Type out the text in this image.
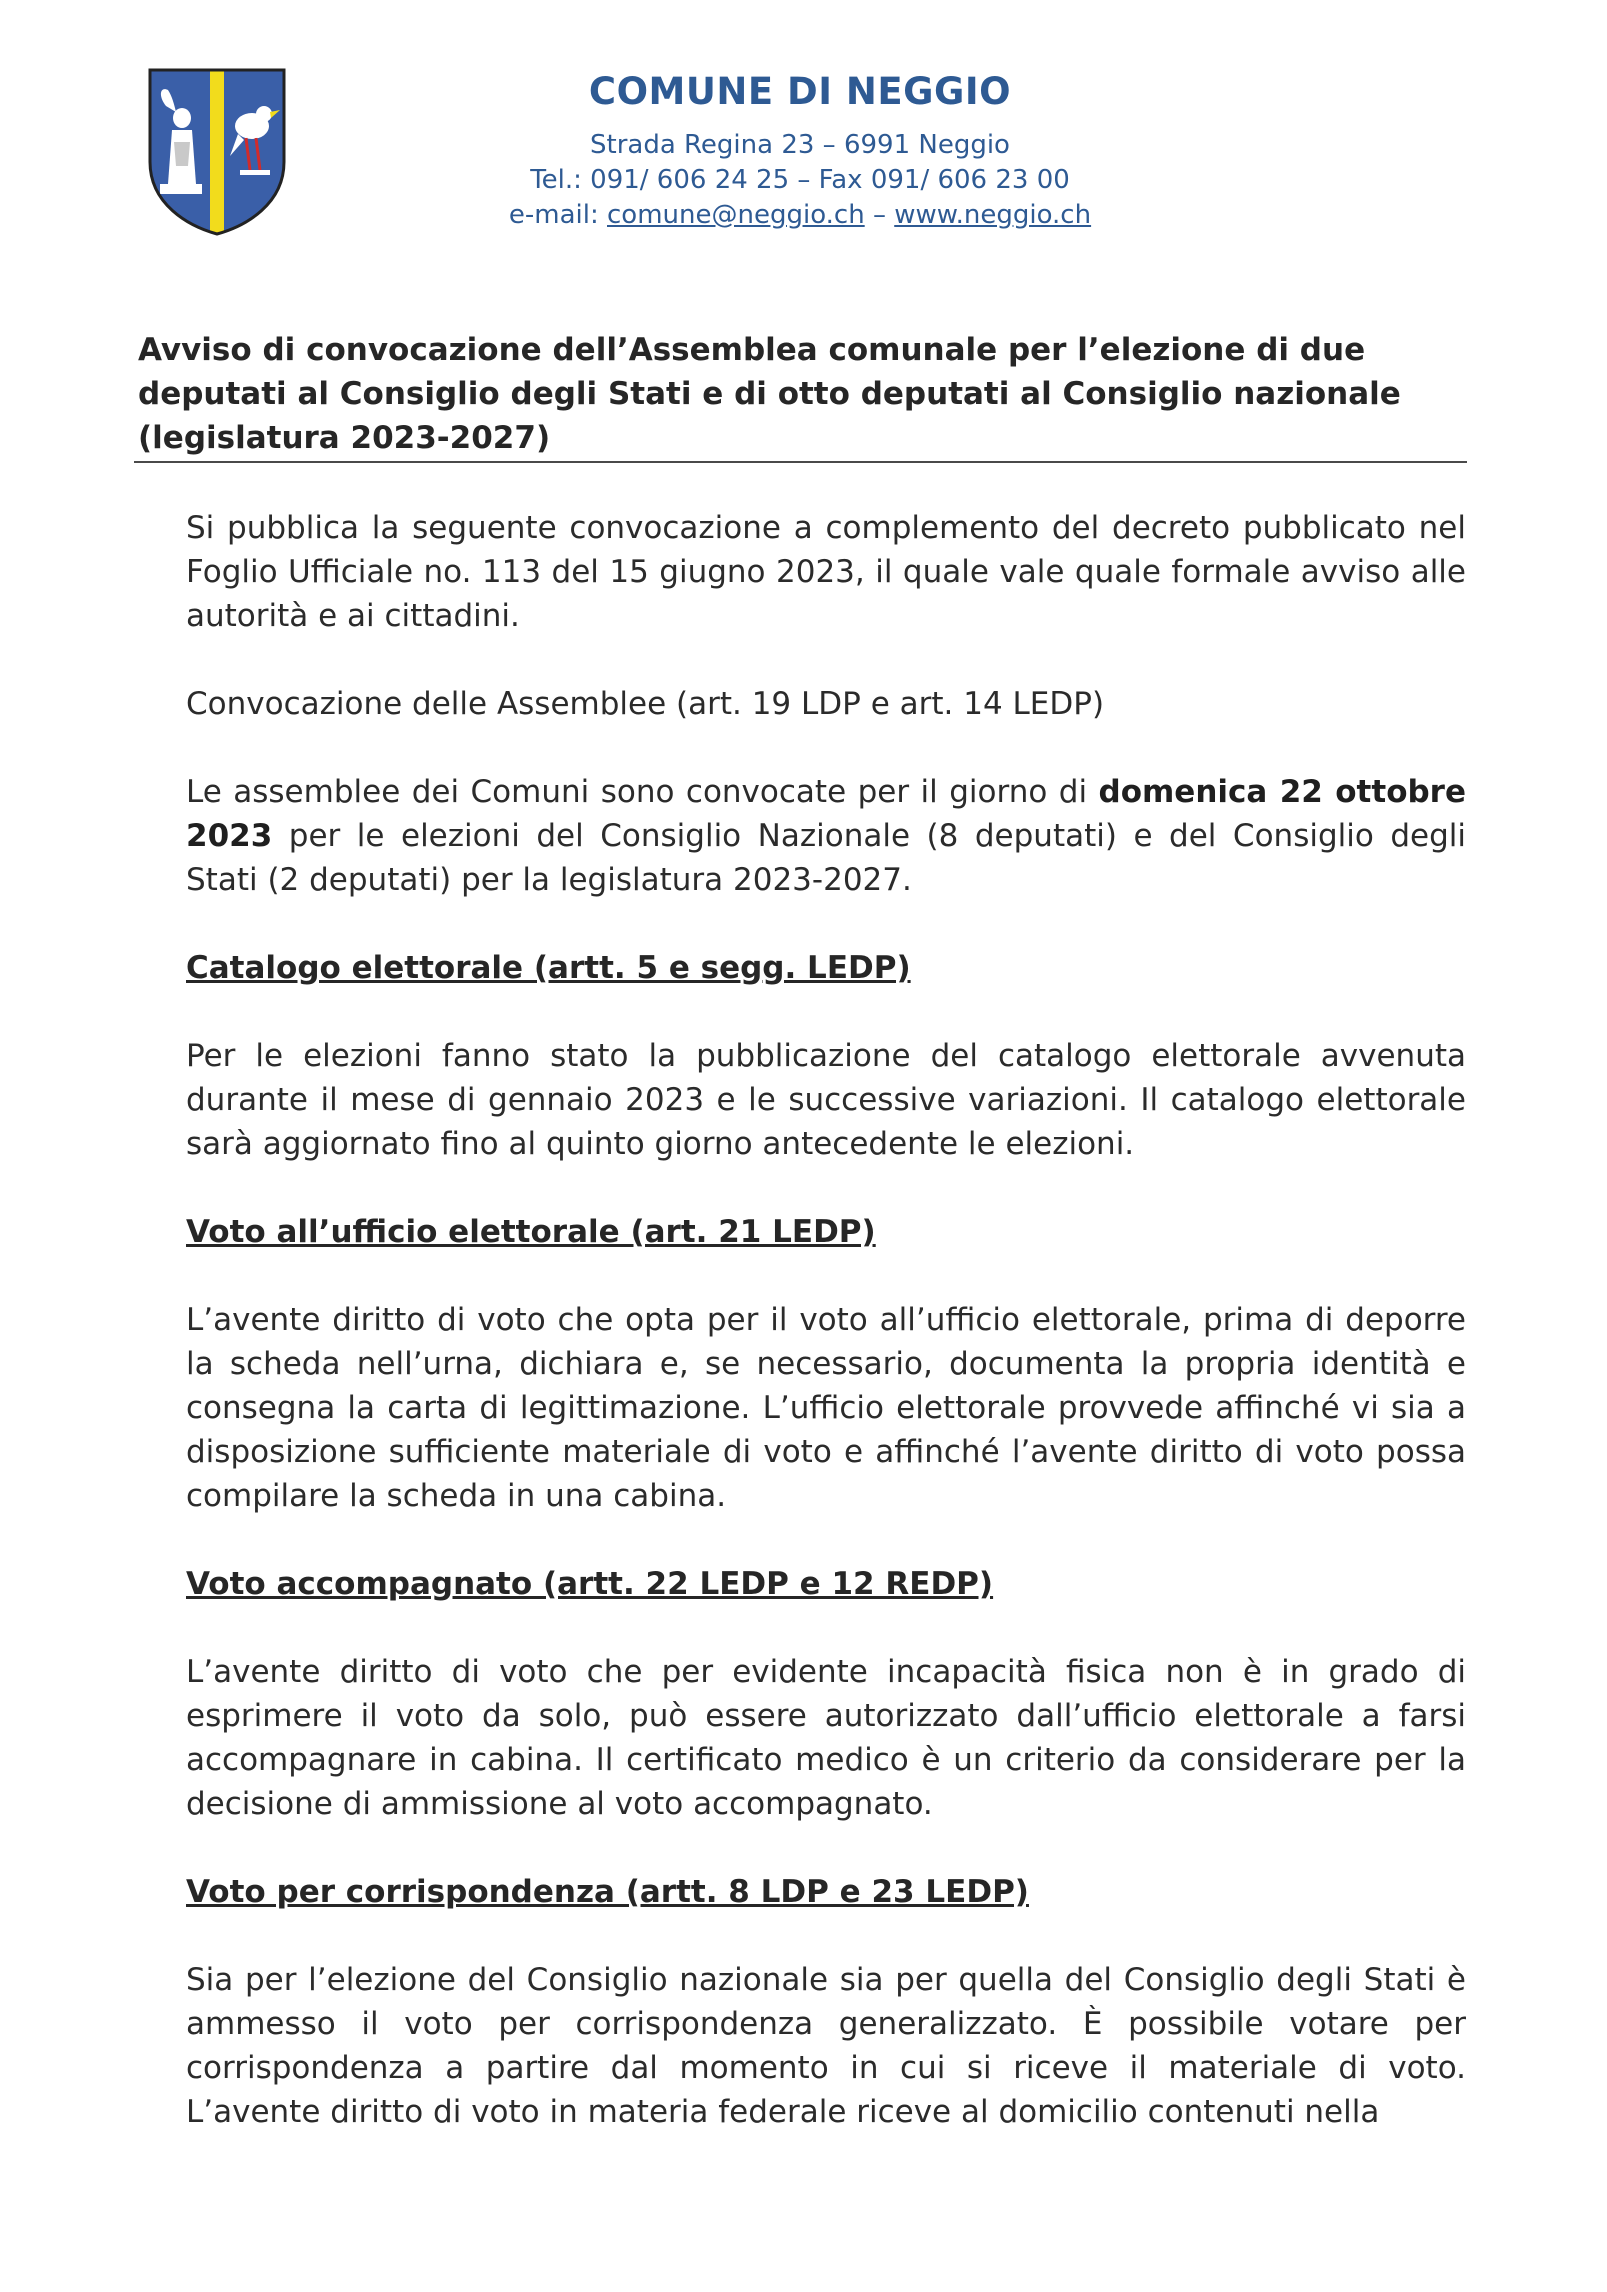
COMUNE DI NEGGIO

Strada Regina 23 – 6991 Neggio

Tel.: 091/ 606 24 25 – Fax 091/ 606 23 00

e-mail: comune@neggio.ch – www.neggio.ch

Avviso di convocazione dell’Assemblea comunale per l’elezione di due deputati al Consiglio degli Stati e di otto deputati al Consiglio nazionale (legislatura 2023-2027)

Si pubblica la seguente convocazione a complemento del decreto pubblicato nel Foglio Ufficiale no. 113 del 15 giugno 2023, il quale vale quale formale avviso alle autorità e ai cittadini.

Convocazione delle Assemblee (art. 19 LDP e art. 14 LEDP)

Le assemblee dei Comuni sono convocate per il giorno di domenica 22 ottobre 2023 per le elezioni del Consiglio Nazionale (8 deputati) e del Consiglio degli Stati (2 deputati) per la legislatura 2023-2027.

Catalogo elettorale (artt. 5 e segg. LEDP)

Per le elezioni fanno stato la pubblicazione del catalogo elettorale avvenuta durante il mese di gennaio 2023 e le successive variazioni. Il catalogo elettorale sarà aggiornato fino al quinto giorno antecedente le elezioni.

Voto all’ufficio elettorale (art. 21 LEDP)

L’avente diritto di voto che opta per il voto all’ufficio elettorale, prima di deporre la scheda nell’urna, dichiara e, se necessario, documenta la propria identità e consegna la carta di legittimazione. L’ufficio elettorale provvede affinché vi sia a disposizione sufficiente materiale di voto e affinché l’avente diritto di voto possa compilare la scheda in una cabina.

Voto accompagnato (artt. 22 LEDP e 12 REDP)

L’avente diritto di voto che per evidente incapacità fisica non è in grado di esprimere il voto da solo, può essere autorizzato dall’ufficio elettorale a farsi accompagnare in cabina. Il certificato medico è un criterio da considerare per la decisione di ammissione al voto accompagnato.

Voto per corrispondenza (artt. 8 LDP e 23 LEDP)

Sia per l’elezione del Consiglio nazionale sia per quella del Consiglio degli Stati è ammesso il voto per corrispondenza generalizzato. È possibile votare per corrispondenza a partire dal momento in cui si riceve il materiale di voto. L’avente diritto di voto in materia federale riceve al domicilio contenuti nella
